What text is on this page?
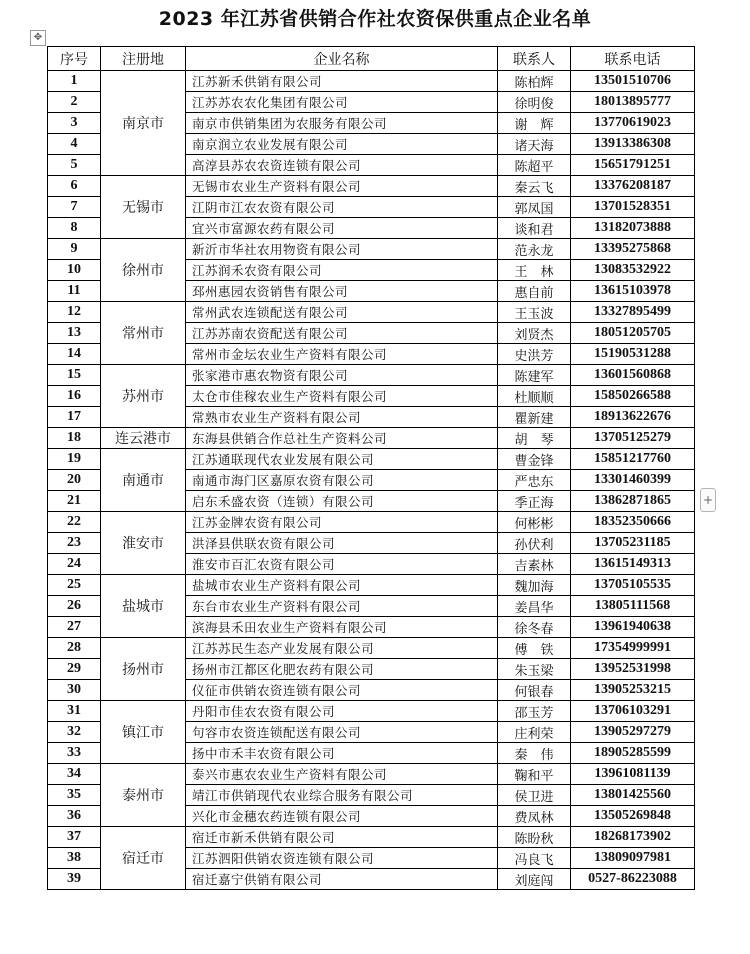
2023 年江苏省供销合作社农资保供重点企业名单
✥
+
序号	注册地	企业名称	联系人	联系电话
1	南京市	江苏新禾供销有限公司	陈柏辉	13501510706
2		江苏苏农农化集团有限公司	徐明俊	18013895777
3		南京市供销集团为农服务有限公司	谢　辉	13770619023
4		南京润立农业发展有限公司	诸天海	13913386308
5		高淳县苏农农资连锁有限公司	陈超平	15651791251
6	无锡市	无锡市农业生产资料有限公司	秦云飞	13376208187
7		江阴市江农农资有限公司	郭凤国	13701528351
8		宜兴市富源农药有限公司	谈和君	13182073888
9	徐州市	新沂市华社农用物资有限公司	范永龙	13395275868
10		江苏润禾农资有限公司	王　林	13083532922
11		邳州惠园农资销售有限公司	惠自前	13615103978
12	常州市	常州武农连锁配送有限公司	王玉波	13327895499
13		江苏苏南农资配送有限公司	刘贤杰	18051205705
14		常州市金坛农业生产资料有限公司	史洪芳	15190531288
15	苏州市	张家港市惠农物资有限公司	陈建军	13601560868
16		太仓市佳稼农业生产资料有限公司	杜顺顺	15850266588
17		常熟市农业生产资料有限公司	瞿新建	18913622676
18	连云港市	东海县供销合作总社生产资料公司	胡　琴	13705125279
19	南通市	江苏通联现代农业发展有限公司	曹金锋	15851217760
20		南通市海门区嘉原农资有限公司	严忠东	13301460399
21		启东禾盛农资（连锁）有限公司	季正海	13862871865
22	淮安市	江苏金牌农资有限公司	何彬彬	18352350666
23		洪泽县供联农资有限公司	孙伏利	13705231185
24		淮安市百汇农资有限公司	吉素林	13615149313
25	盐城市	盐城市农业生产资料有限公司	魏加海	13705105535
26		东台市农业生产资料有限公司	姜昌华	13805111568
27		滨海县禾田农业生产资料有限公司	徐冬春	13961940638
28	扬州市	江苏苏民生态产业发展有限公司	傅　铁	17354999991
29		扬州市江都区化肥农药有限公司	朱玉梁	13952531998
30		仪征市供销农资连锁有限公司	何银春	13905253215
31	镇江市	丹阳市佳农农资有限公司	邵玉芳	13706103291
32		句容市农资连锁配送有限公司	庄利荣	13905297279
33		扬中市禾丰农资有限公司	秦　伟	18905285599
34	泰州市	泰兴市惠农农业生产资料有限公司	鞠和平	13961081139
35		靖江市供销现代农业综合服务有限公司	侯卫进	13801425560
36		兴化市金穗农药连锁有限公司	费凤林	13505269848
37	宿迁市	宿迁市新禾供销有限公司	陈盼秋	18268173902
38		江苏泗阳供销农资连锁有限公司	冯良飞	13809097981
39		宿迁嘉宁供销有限公司	刘庭闯	0527-86223088
